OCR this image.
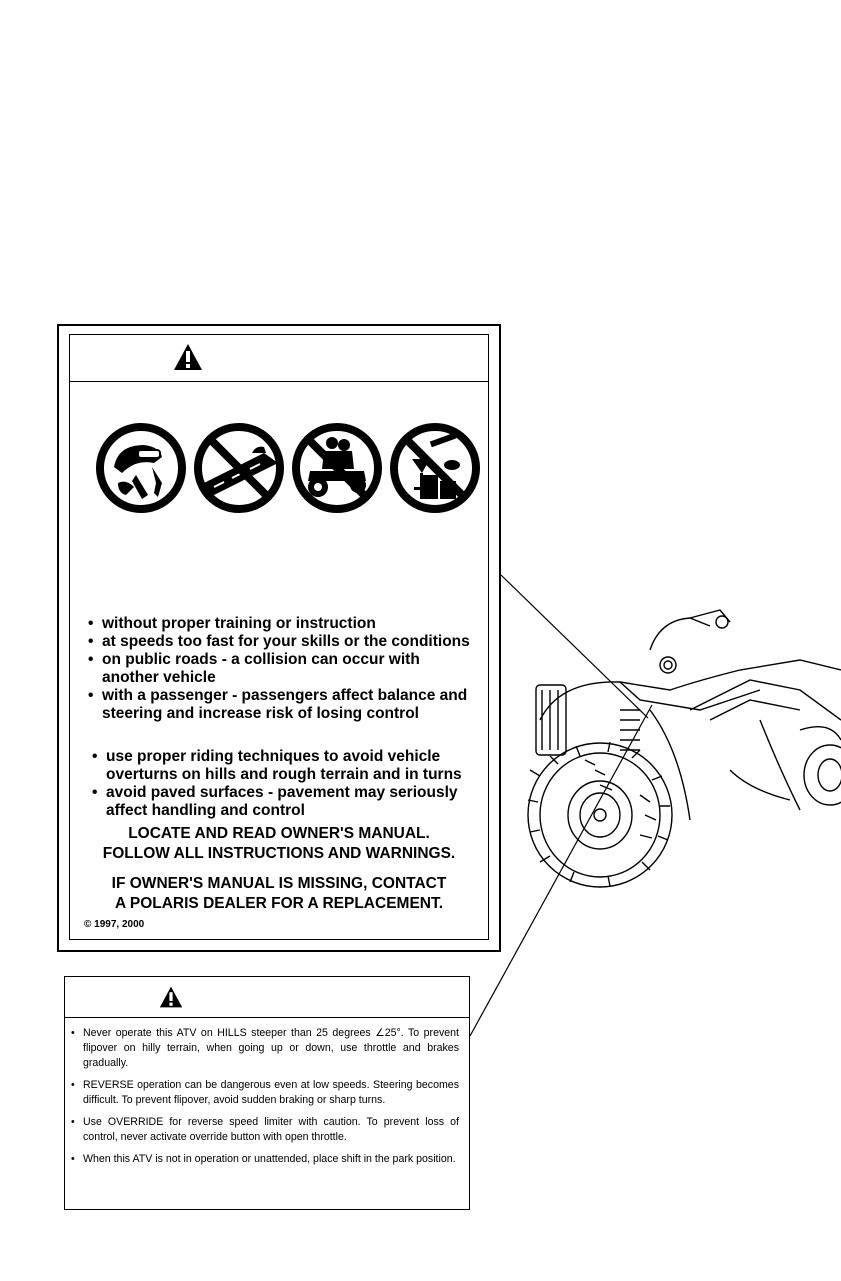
• without proper training or instruction
• at speeds too fast for your skills or the conditions
• on public roads - a collision can occur with another vehicle
• with a passenger - passengers affect balance and steering and increase risk of losing control
• use proper riding techniques to avoid vehicle overturns on hills and rough terrain and in turns
• avoid paved surfaces - pavement may seriously affect handling and control
LOCATE AND READ OWNER'S MANUAL.
FOLLOW ALL INSTRUCTIONS AND WARNINGS.
IF OWNER'S MANUAL IS MISSING, CONTACT
A POLARIS DEALER FOR A REPLACEMENT.
© 1997, 2000
• Never operate this ATV on HILLS steeper than 25 degrees ∠25°. To prevent flipover on hilly terrain, when going up or down, use throttle and brakes gradually.
• REVERSE operation can be dangerous even at low speeds. Steering becomes difficult. To prevent flipover, avoid sudden braking or sharp turns.
• Use OVERRIDE for reverse speed limiter with caution. To prevent loss of control, never activate override button with open throttle.
• When this ATV is not in operation or unattended, place shift in the park position.
